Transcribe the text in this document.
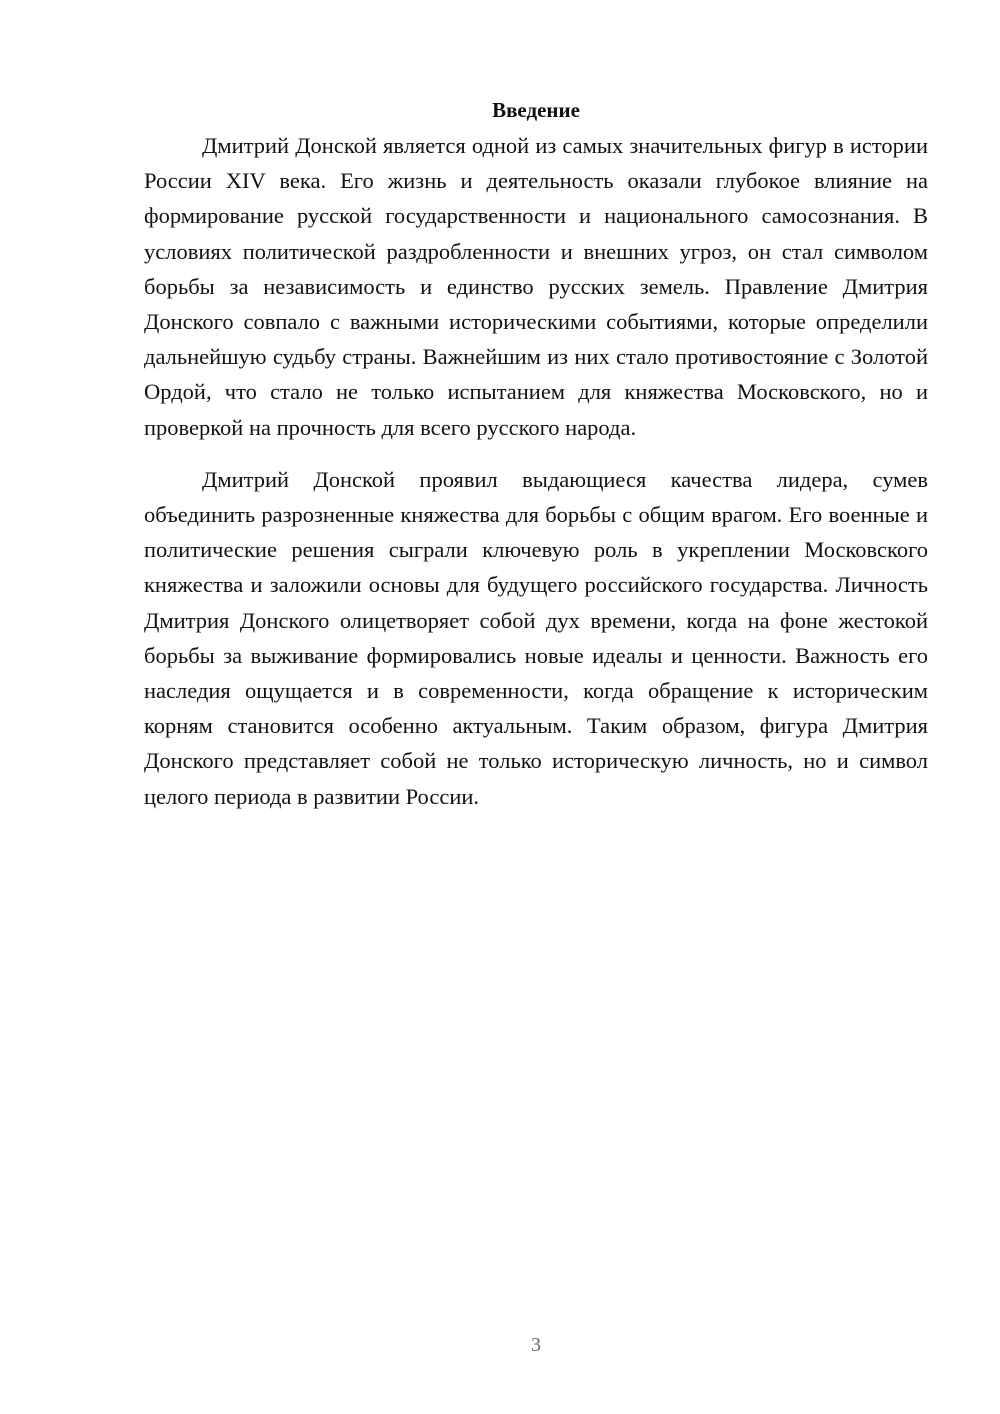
Введение

Дмитрий Донской является одной из самых значительных фигур в истории России XIV века. Его жизнь и деятельность оказали глубокое влияние на формирование русской государственности и национального самосознания. В условиях политической раздробленности и внешних угроз, он стал символом борьбы за независимость и единство русских земель. Правление Дмитрия Донского совпало с важными историческими событиями, которые определили дальнейшую судьбу страны. Важнейшим из них стало противостояние с Золотой Ордой, что стало не только испытанием для княжества Московского, но и проверкой на прочность для всего русского народа.

Дмитрий Донской проявил выдающиеся качества лидера, сумев объединить разрозненные княжества для борьбы с общим врагом. Его военные и политические решения сыграли ключевую роль в укреплении Московского княжества и заложили основы для будущего российского государства. Личность Дмитрия Донского олицетворяет собой дух времени, когда на фоне жестокой борьбы за выживание формировались новые идеалы и ценности. Важность его наследия ощущается и в современности, когда обращение к историческим корням становится особенно актуальным. Таким образом, фигура Дмитрия Донского представляет собой не только историческую личность, но и символ целого периода в развитии России.

3
